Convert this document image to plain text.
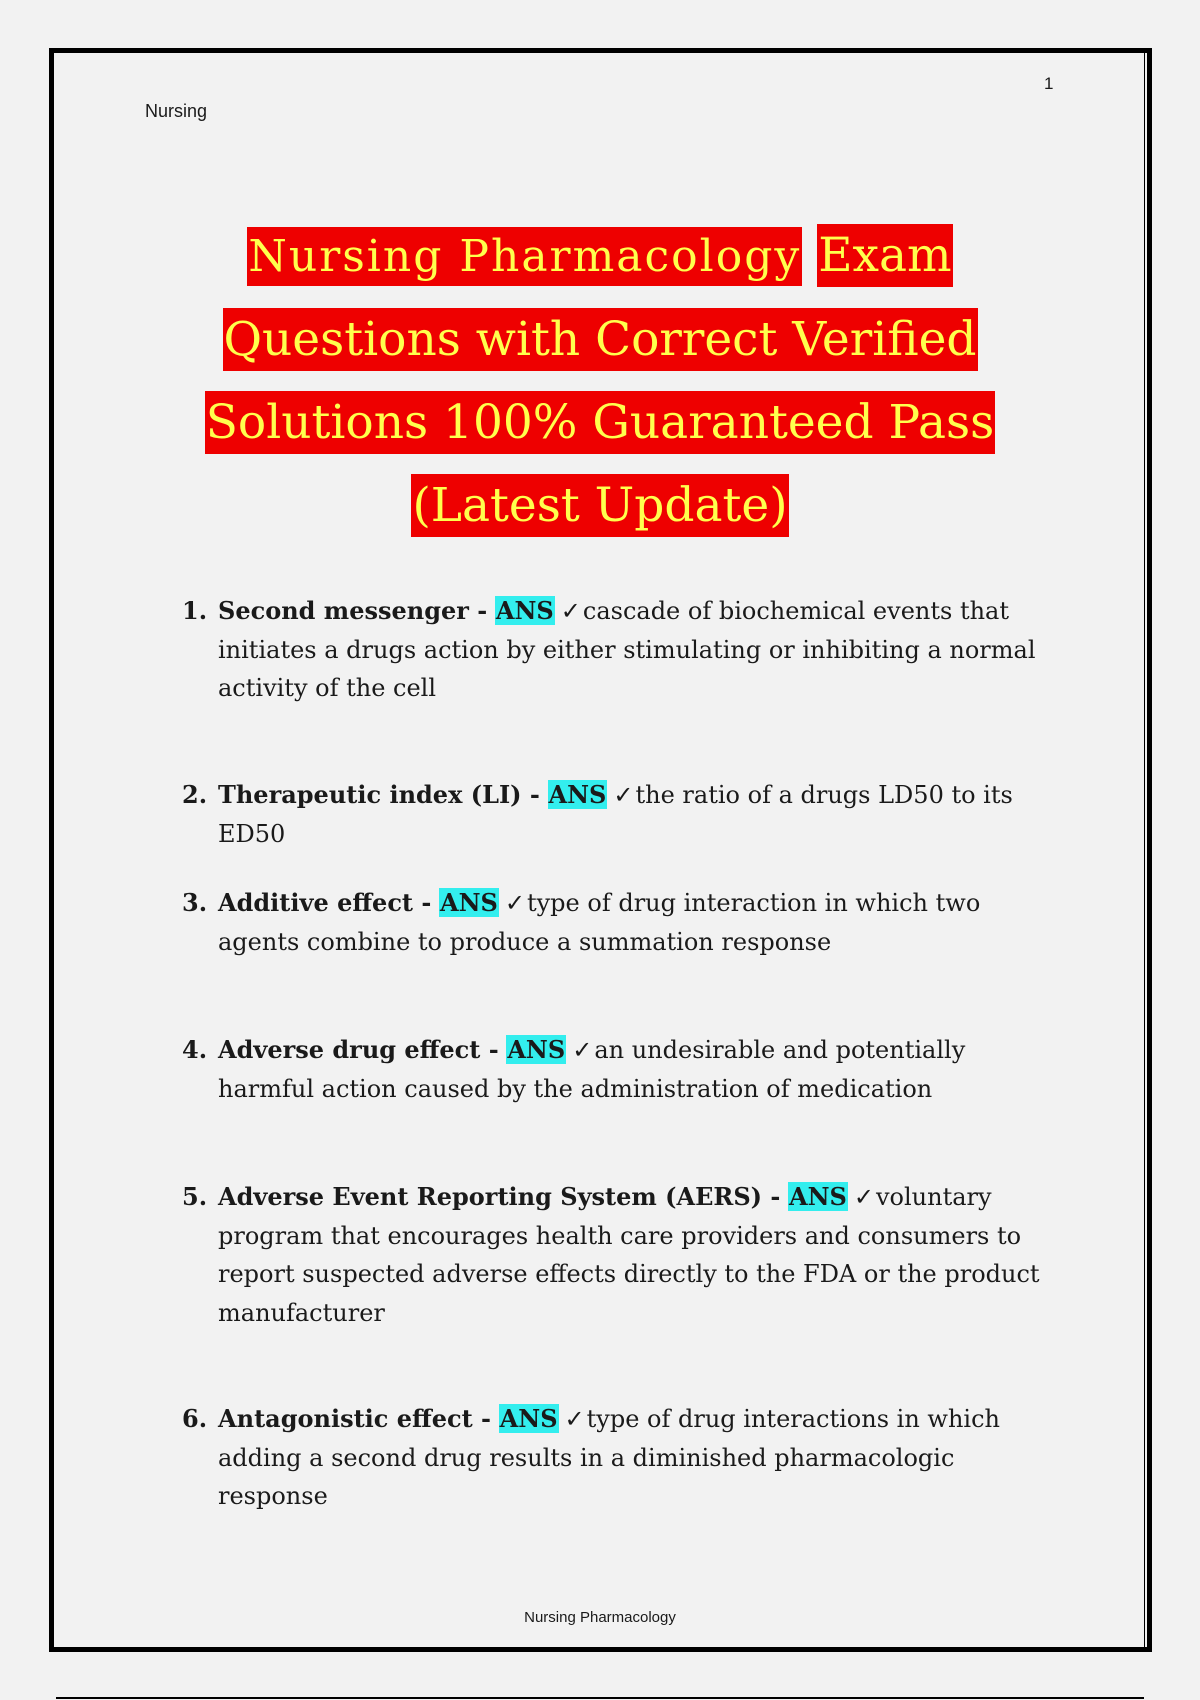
1
Nursing
Nursing Pharmacology Exam
Questions with Correct Verified
Solutions 100% Guaranteed Pass
(Latest Update)
1. Second messenger - ANS ✓cascade of biochemical events that initiates a drugs action by either stimulating or inhibiting a normal activity of the cell
2. Therapeutic index (LI) - ANS ✓the ratio of a drugs LD50 to its ED50
3. Additive effect - ANS ✓type of drug interaction in which two agents combine to produce a summation response
4. Adverse drug effect - ANS ✓an undesirable and potentially harmful action caused by the administration of medication
5. Adverse Event Reporting System (AERS) - ANS ✓voluntary program that encourages health care providers and consumers to report suspected adverse effects directly to the FDA or the product manufacturer
6. Antagonistic effect - ANS ✓type of drug interactions in which adding a second drug results in a diminished pharmacologic response
Nursing Pharmacology
